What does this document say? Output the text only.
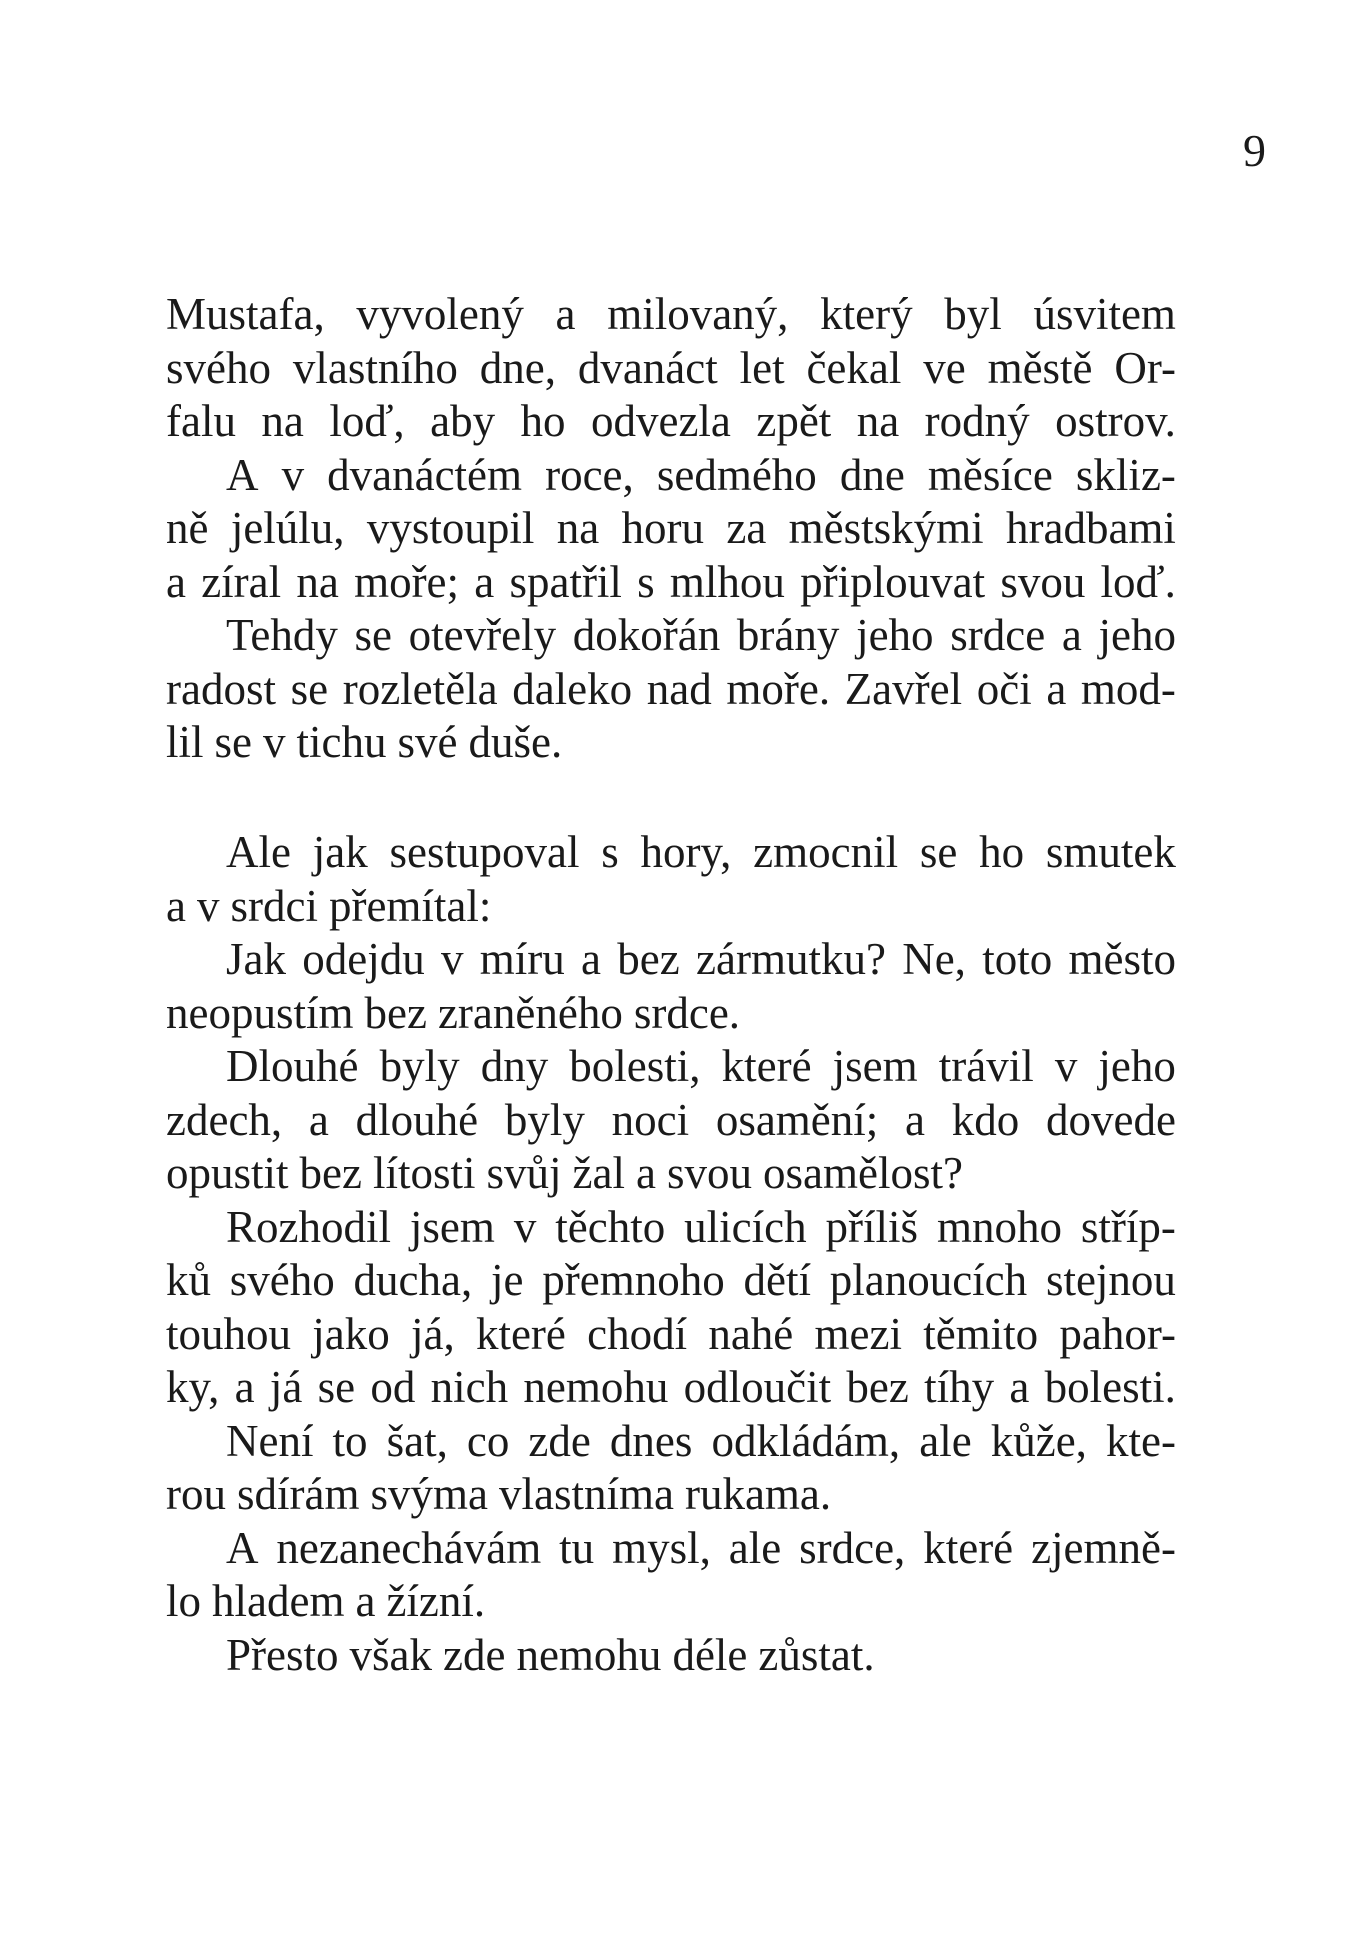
9
Mustafa, vyvolený a milovaný, který byl úsvitem
svého vlastního dne, dvanáct let čekal ve městě Or-
falu na loď, aby ho odvezla zpět na rodný ostrov.
A v dvanáctém roce, sedmého dne měsíce skliz-
ně jelúlu, vystoupil na horu za městskými hradbami
a zíral na moře; a spatřil s mlhou připlouvat svou loď.
Tehdy se otevřely dokořán brány jeho srdce a jeho
radost se rozletěla daleko nad moře. Zavřel oči a mod-
lil se v tichu své duše.
Ale jak sestupoval s hory, zmocnil se ho smutek
a v srdci přemítal:
Jak odejdu v míru a bez zármutku? Ne, toto město
neopustím bez zraněného srdce.
Dlouhé byly dny bolesti, které jsem trávil v jeho
zdech, a dlouhé byly noci osamění; a kdo dovede
opustit bez lítosti svůj žal a svou osamělost?
Rozhodil jsem v těchto ulicích příliš mnoho stříp-
ků svého ducha, je přemnoho dětí planoucích stejnou
touhou jako já, které chodí nahé mezi těmito pahor-
ky, a já se od nich nemohu odloučit bez tíhy a bolesti.
Není to šat, co zde dnes odkládám, ale kůže, kte-
rou sdírám svýma vlastníma rukama.
A nezanechávám tu mysl, ale srdce, které zjemně-
lo hladem a žízní.
Přesto však zde nemohu déle zůstat.
